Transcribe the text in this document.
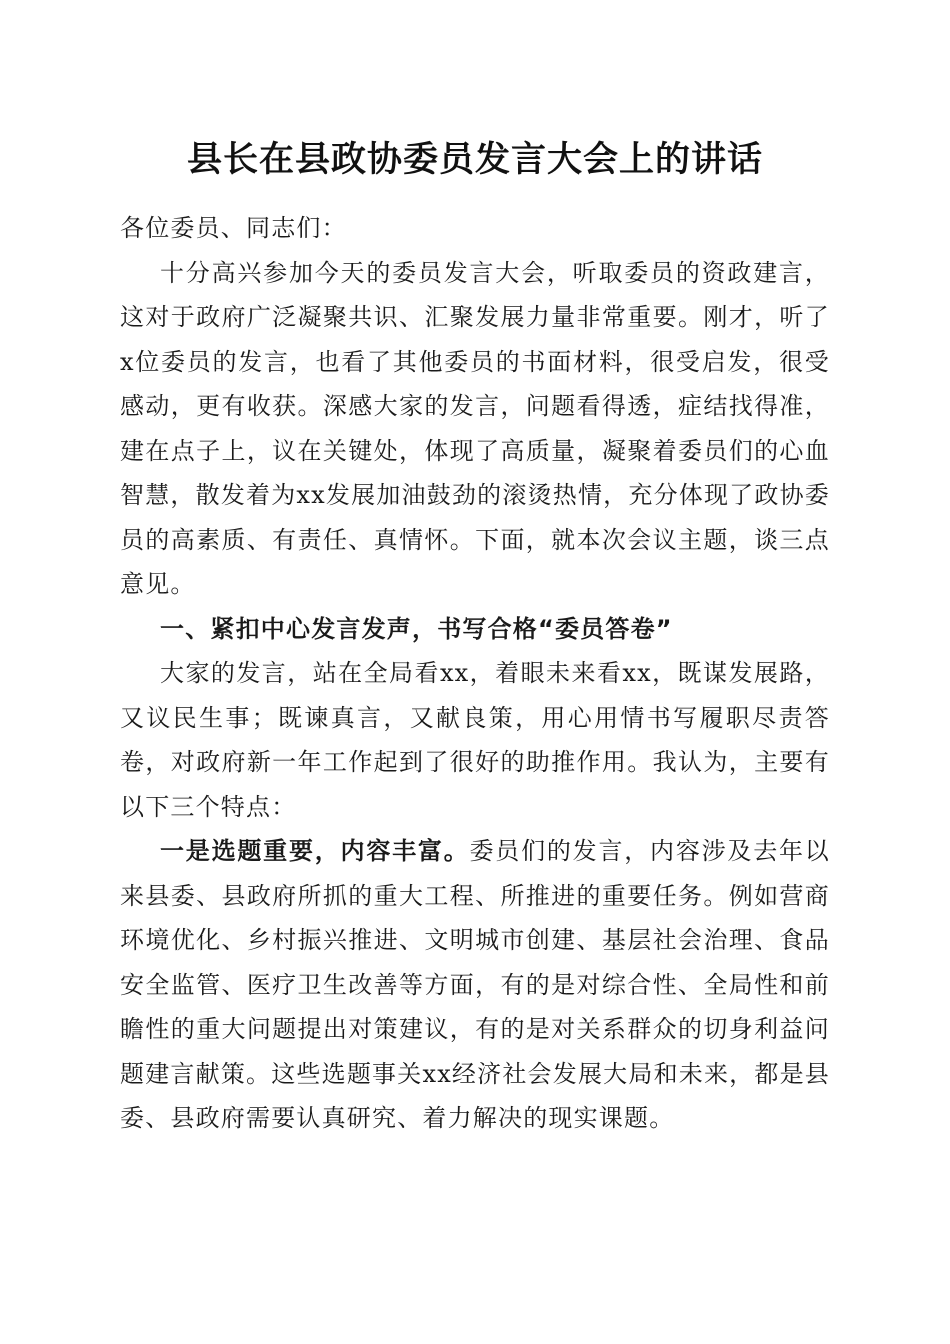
县长在县政协委员发言大会上的讲话

各位委员、同志们：

十分高兴参加今天的委员发言大会，听取委员的资政建言，这对于政府广泛凝聚共识、汇聚发展力量非常重要。刚才，听了x位委员的发言，也看了其他委员的书面材料，很受启发，很受感动，更有收获。深感大家的发言，问题看得透，症结找得准，建在点子上，议在关键处，体现了高质量，凝聚着委员们的心血智慧，散发着为xx发展加油鼓劲的滚烫热情，充分体现了政协委员的高素质、有责任、真情怀。下面，就本次会议主题，谈三点意见。

一、紧扣中心发言发声，书写合格“委员答卷”

大家的发言，站在全局看xx，着眼未来看xx，既谋发展路，又议民生事；既谏真言，又献良策，用心用情书写履职尽责答卷，对政府新一年工作起到了很好的助推作用。我认为，主要有以下三个特点：

一是选题重要，内容丰富。委员们的发言，内容涉及去年以来县委、县政府所抓的重大工程、所推进的重要任务。例如营商环境优化、乡村振兴推进、文明城市创建、基层社会治理、食品安全监管、医疗卫生改善等方面，有的是对综合性、全局性和前瞻性的重大问题提出对策建议，有的是对关系群众的切身利益问题建言献策。这些选题事关xx经济社会发展大局和未来，都是县委、县政府需要认真研究、着力解决的现实课题。
